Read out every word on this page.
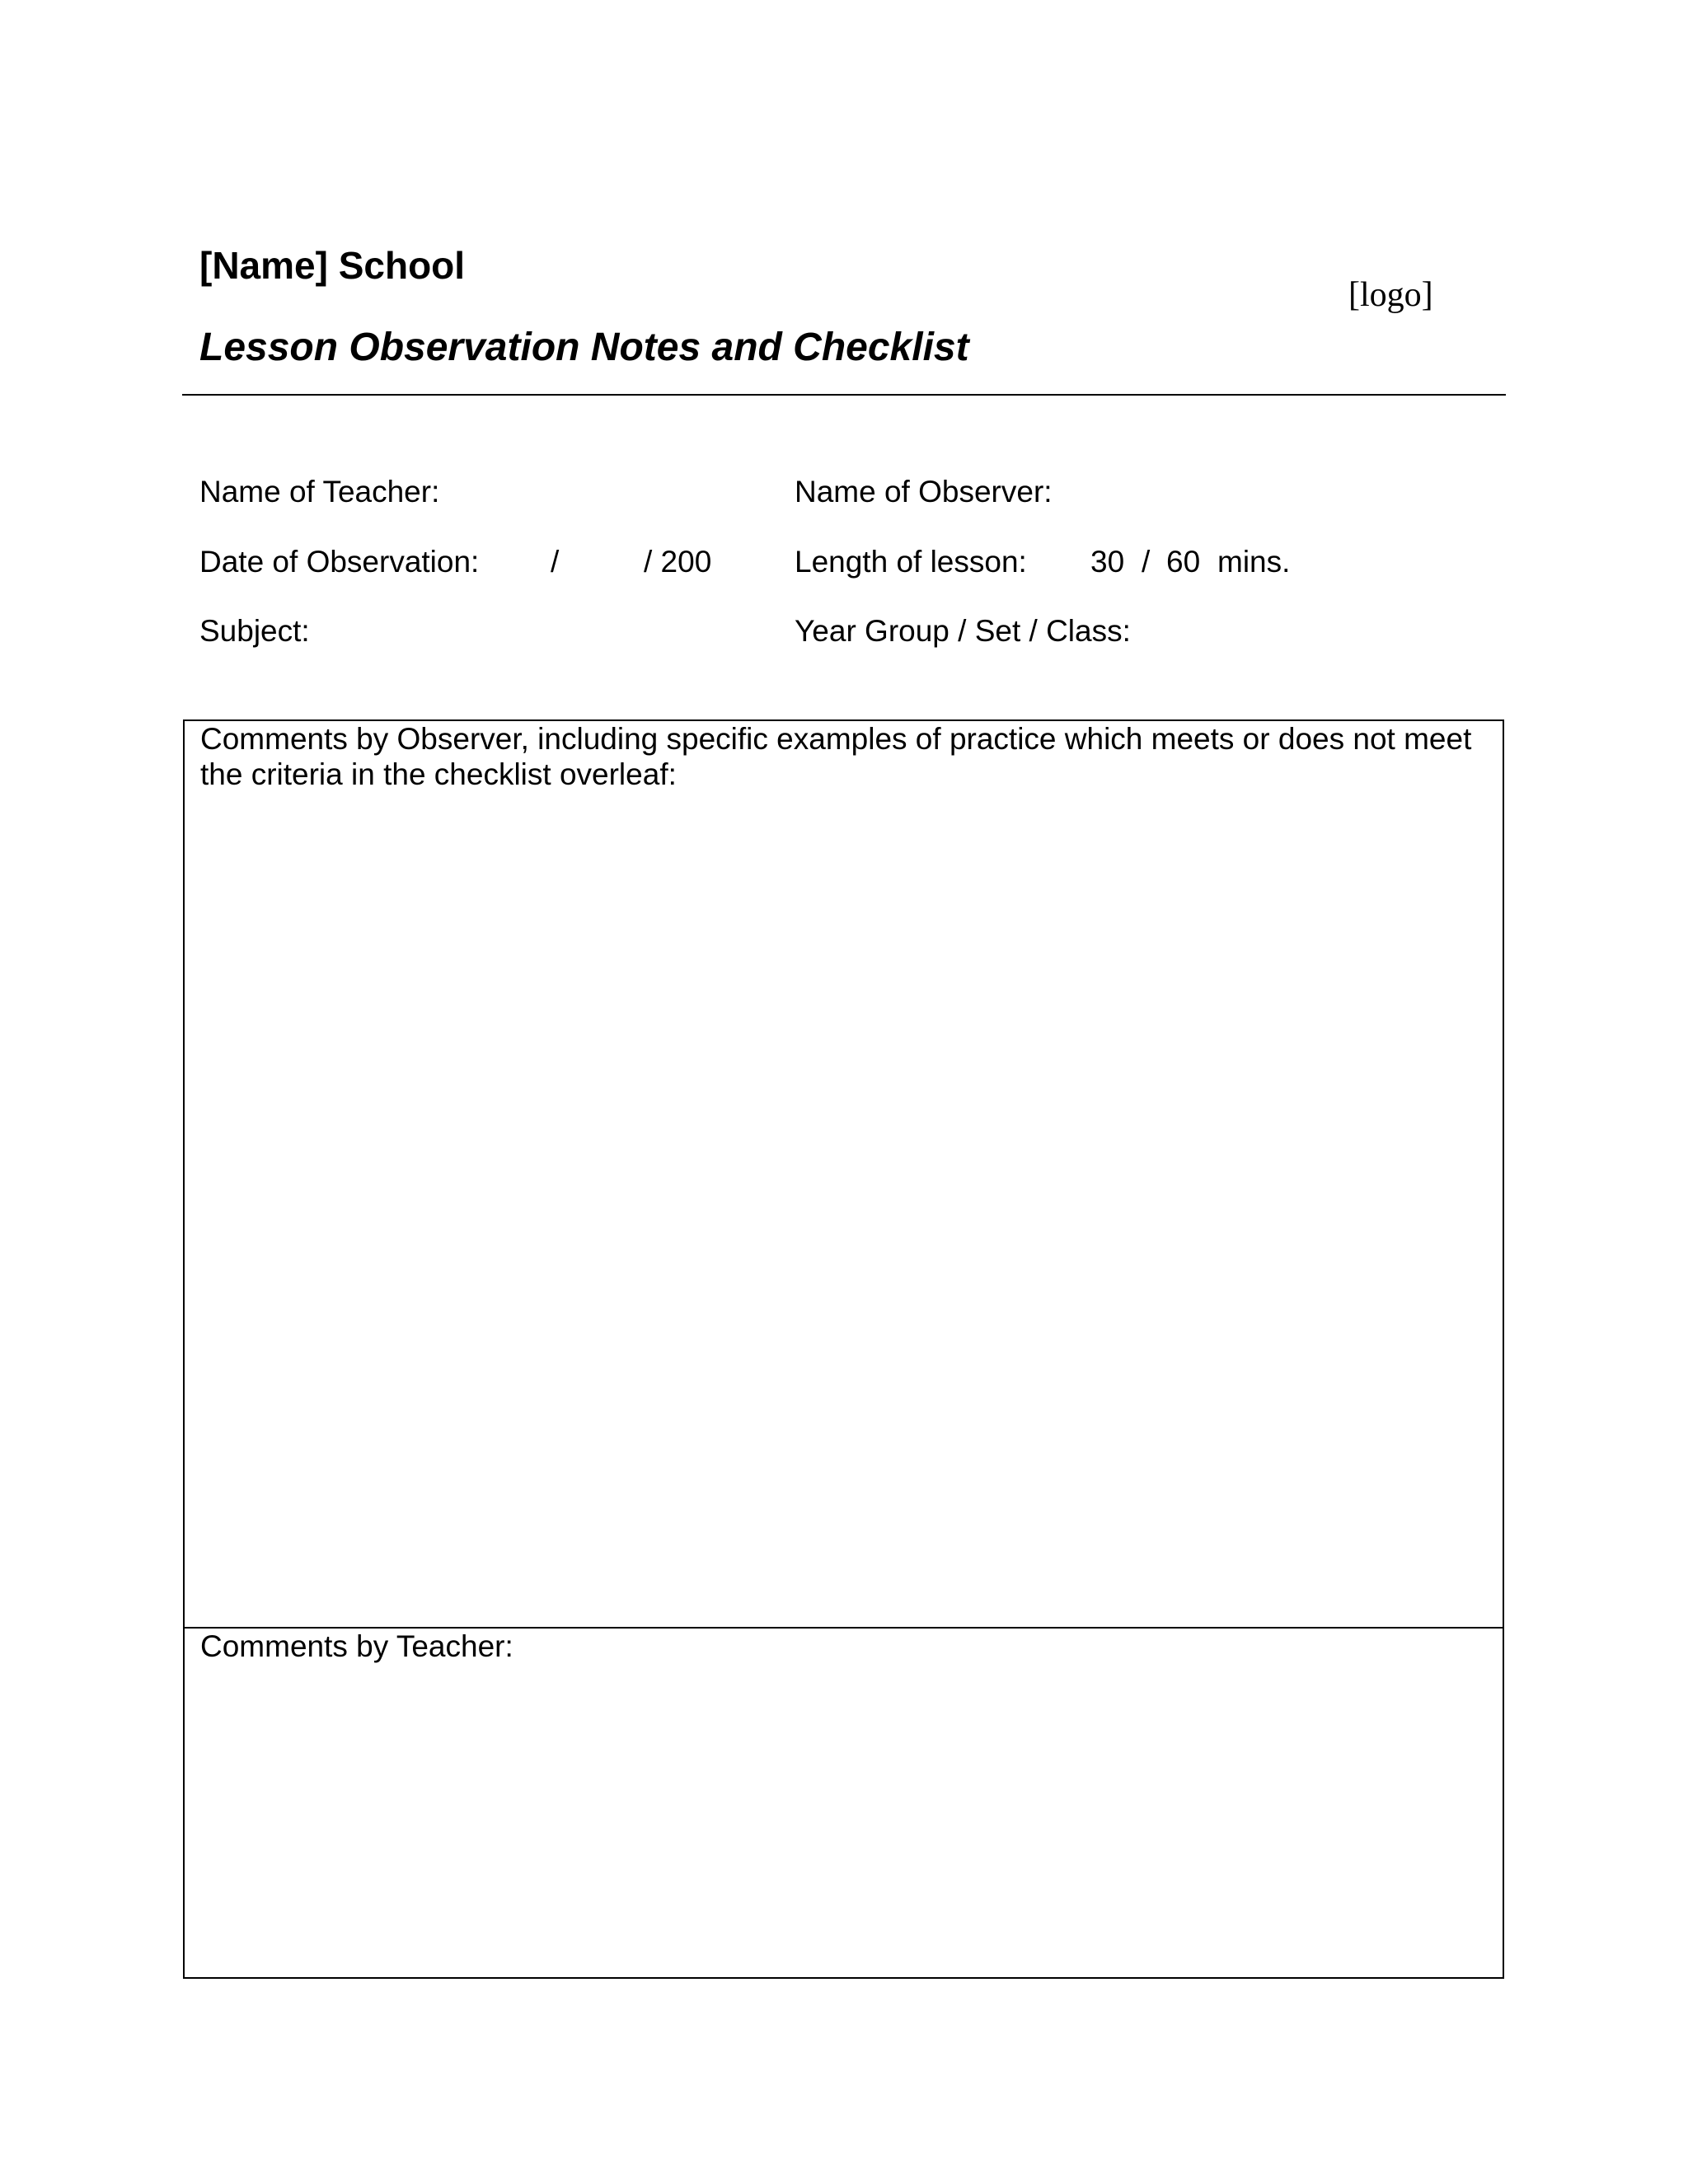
[Name] School
Lesson Observation Notes and Checklist
[logo]
Name of Teacher:	Name of Observer:
Date of Observation: /	/ 200	Length of lesson: 30 / 60 mins.
Subject:	Year Group / Set / Class:
Comments by Observer, including specific examples of practice which meets or does not meet the criteria in the checklist overleaf:
Comments by Teacher:
